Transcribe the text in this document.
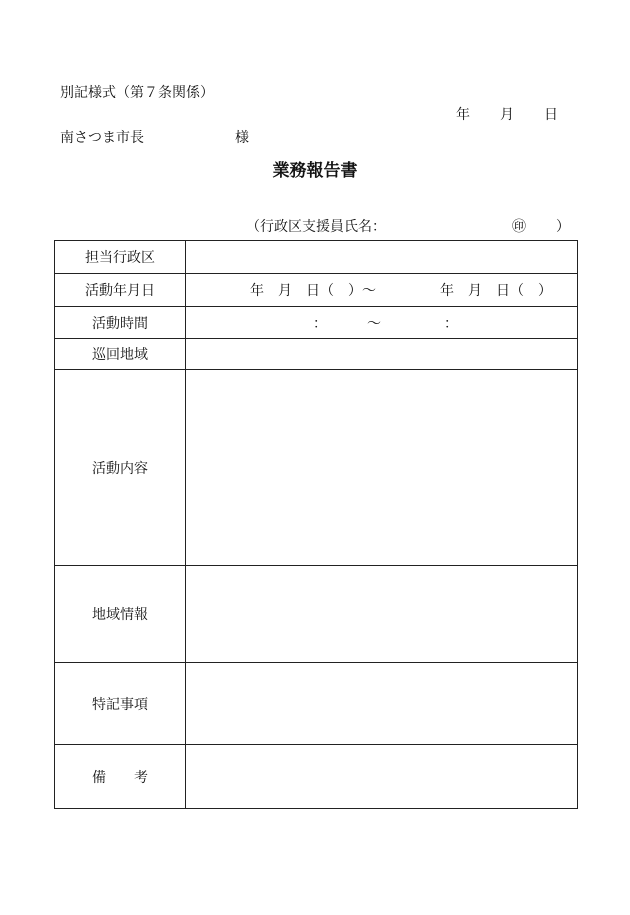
別記様式（第７条関係）
年 月 日
南さつま市長	様
業務報告書
（行政区支援員氏名：	㊞ ）
担当行政区	
活動年月日	年　月　日（　）〜 年　月　日（　）

活動時間	： 〜 ：

巡回地域	
活動内容	
地域情報	
特記事項	
備　　考	
